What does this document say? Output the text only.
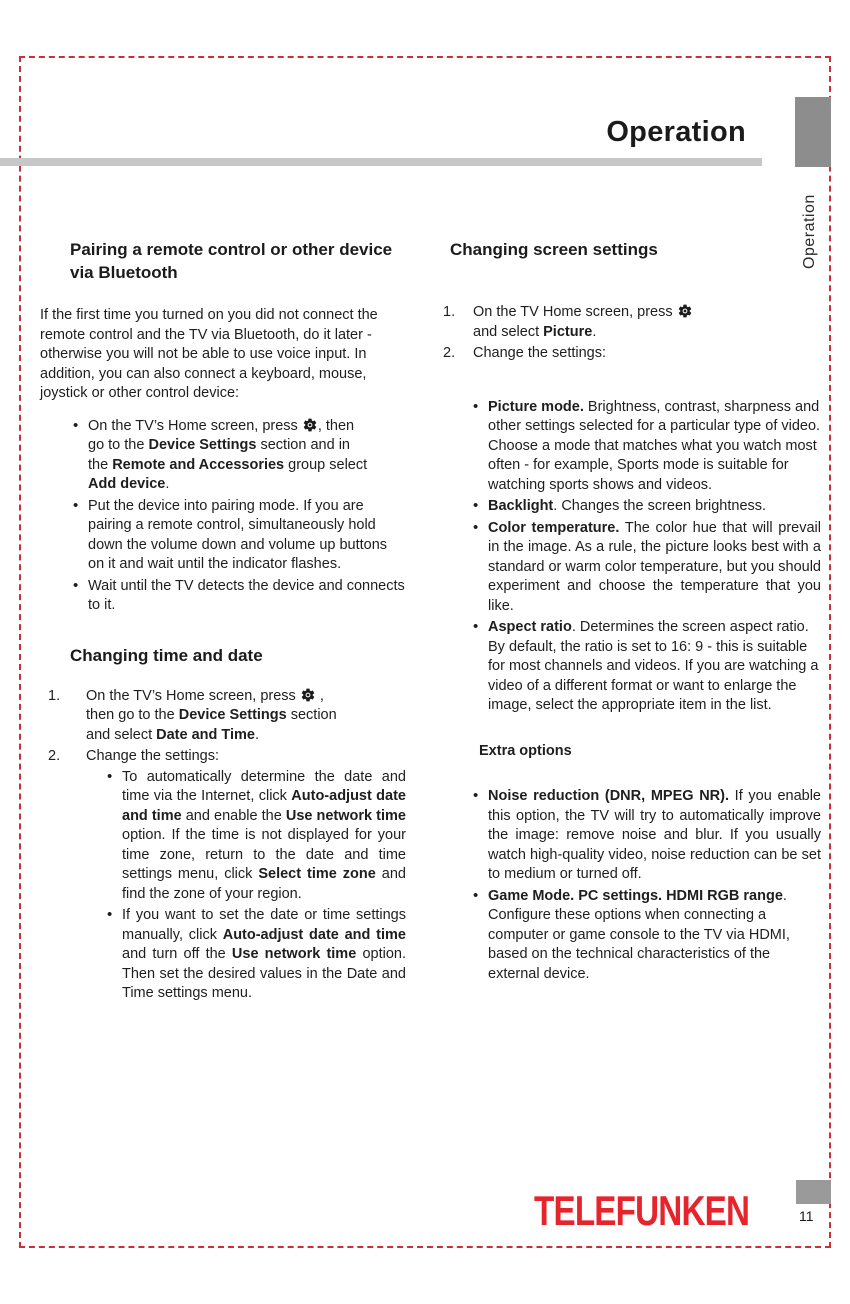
Operation
Operation
Pairing a remote control or other device via Bluetooth

If the first time you turned on you did not connect the remote control and the TV via Bluetooth, do it later - otherwise you will not be able to use voice input. In addition, you can also connect a keyboard, mouse, joystick or other control device:

• On the TV’s Home screen, press
, then
go to the Device Settings section and in
the Remote and Accessories group select
Add device.
• Put the device into pairing mode. If you are pairing a remote control, simultaneously hold down the volume down and volume up buttons on it and wait until the indicator flashes.
• Wait until the TV detects the device and connects to it.
Changing time and date
1.	On the TV’s Home screen, press
,
then go to the Device Settings section
and select Date and Time.
2.	Change the settings:
• To automatically determine the date and time via the Internet, click Auto-adjust date and time and enable the Use network time option. If the time is not displayed for your time zone, return to the date and time settings menu, click Select time zone and find the zone of your region.
• If you want to set the date or time settings manually, click Auto-adjust date and time and turn off the Use network time option. Then set the desired values in the Date and Time settings menu.
Changing screen settings
1.	On the TV Home screen, press

and select Picture.
2.	Change the settings:
• Picture mode. Brightness, contrast, sharpness and other settings selected for a particular type of video. Choose a mode that matches what you watch most often - for example, Sports mode is suitable for watching sports shows and videos.
• Backlight. Changes the screen brightness.
• Color temperature. The color hue that will prevail in the image. As a rule, the picture looks best with a standard or warm color temperature, but you should experiment and choose the temperature that you like.
• Aspect ratio. Determines the screen aspect ratio. By default, the ratio is set to 16: 9 - this is suitable for most channels and videos. If you are watching a video of a different format or want to enlarge the image, select the appropriate item in the list.
Extra options
• Noise reduction (DNR, MPEG NR). If you enable this option, the TV will try to automatically improve the image: remove noise and blur. If you usually watch high-quality video, noise reduction can be set to medium or turned off.
• Game Mode. PC settings. HDMI RGB range. Configure these options when connecting a computer or game console to the TV via HDMI, based on the technical characteristics of the external device.
TELEFUNKEN	11
